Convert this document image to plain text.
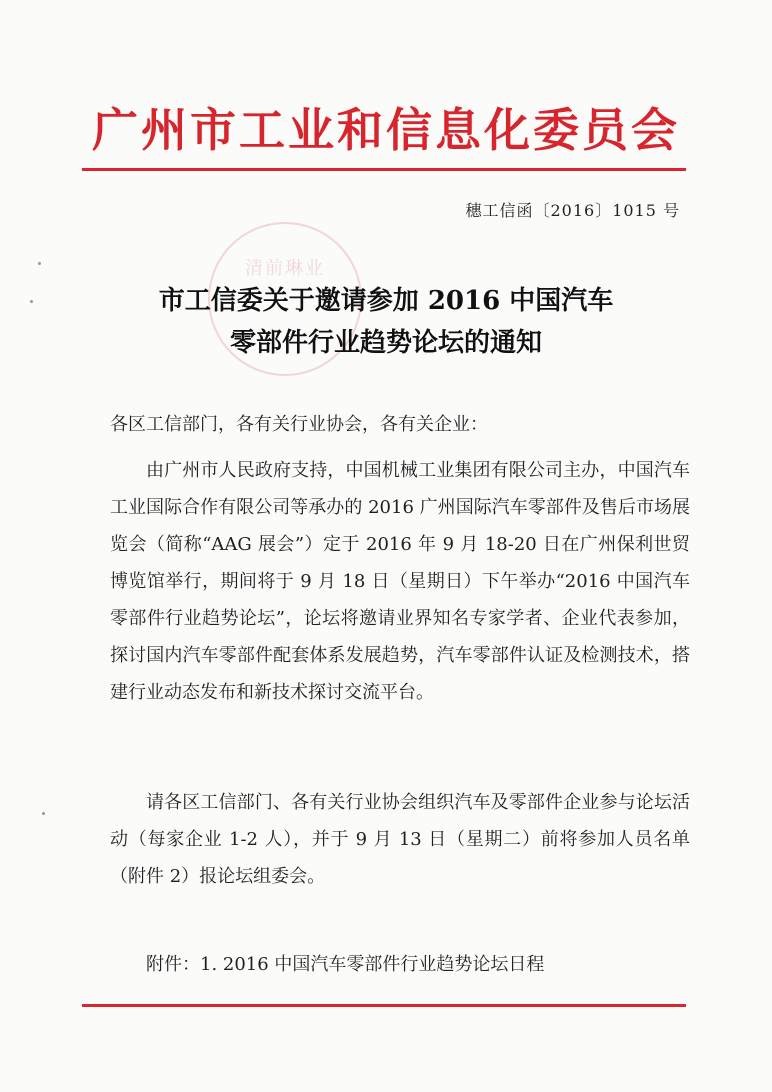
广州市工业和信息化委员会
穗工信函〔2016〕1015 号
清前琳业
市工信委关于邀请参加 2016 中国汽车
零部件行业趋势论坛的通知
各区工信部门，各有关行业协会，各有关企业：
由广州市人民政府支持，中国机械工业集团有限公司主办，中国汽车工业国际合作有限公司等承办的 2016 广州国际汽车零部件及售后市场展览会（简称“AAG 展会”）定于 2016 年 9 月 18-20 日在广州保利世贸博览馆举行，期间将于 9 月 18 日（星期日）下午举办“2016 中国汽车零部件行业趋势论坛”，论坛将邀请业界知名专家学者、企业代表参加，探讨国内汽车零部件配套体系发展趋势，汽车零部件认证及检测技术，搭建行业动态发布和新技术探讨交流平台。
请各区工信部门、各有关行业协会组织汽车及零部件企业参与论坛活动（每家企业 1-2 人），并于 9 月 13 日（星期二）前将参加人员名单（附件 2）报论坛组委会。
附件：1. 2016 中国汽车零部件行业趋势论坛日程
